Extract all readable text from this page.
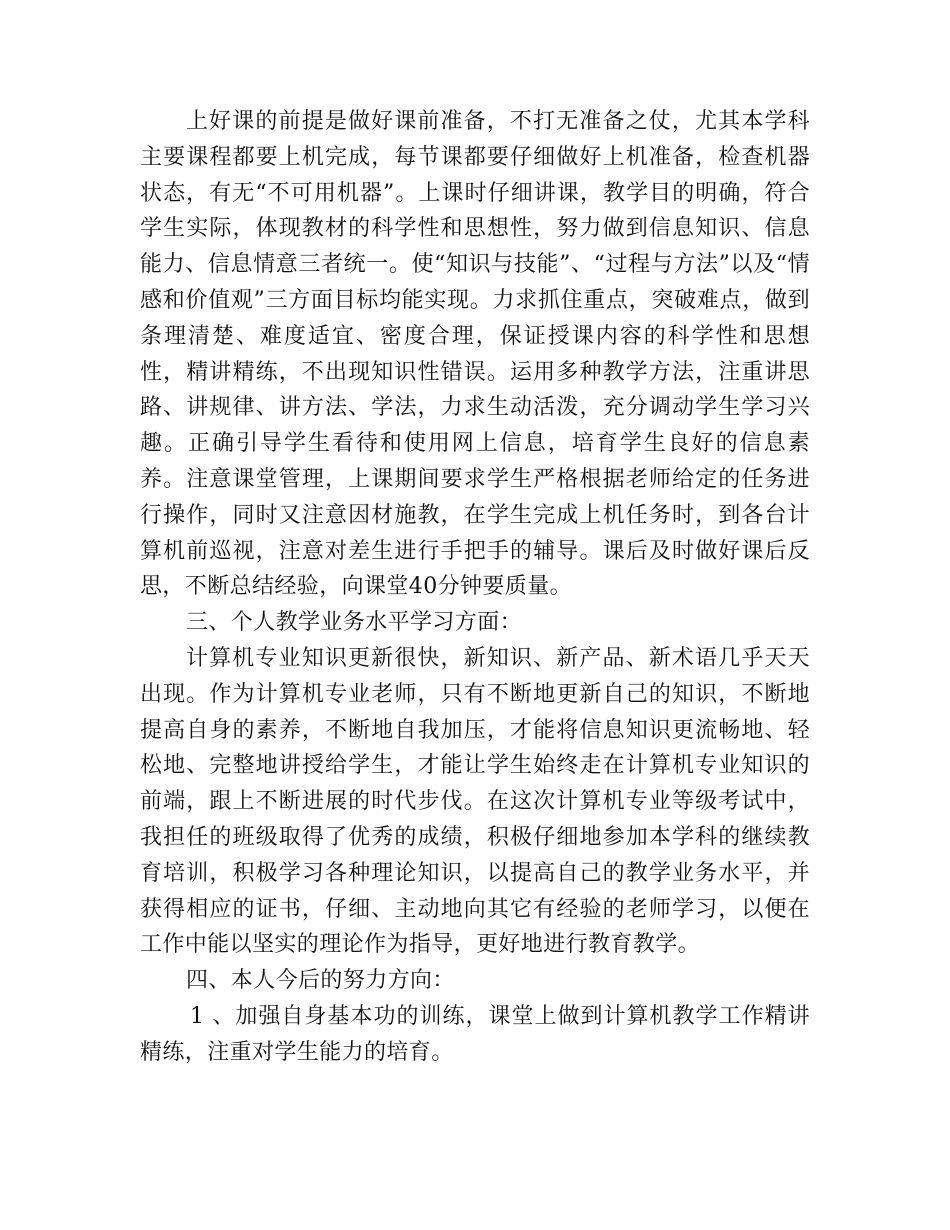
上好课的前提是做好课前准备，不打无准备之仗，尤其本学科主要课程都要上机完成，每节课都要仔细做好上机准备，检查机器状态，有无“不可用机器”。上课时仔细讲课，教学目的明确，符合学生实际，体现教材的科学性和思想性，努力做到信息知识、信息能力、信息情意三者统一。使“知识与技能”、“过程与方法”以及“情感和价值观”三方面目标均能实现。力求抓住重点，突破难点，做到条理清楚、难度适宜、密度合理，保证授课内容的科学性和思想性，精讲精练，不出现知识性错误。运用多种教学方法，注重讲思路、讲规律、讲方法、学法，力求生动活泼，充分调动学生学习兴趣。正确引导学生看待和使用网上信息，培育学生良好的信息素养。注意课堂管理，上课期间要求学生严格根据老师给定的任务进行操作，同时又注意因材施教，在学生完成上机任务时，到各台计算机前巡视，注意对差生进行手把手的辅导。课后及时做好课后反思，不断总结经验，向课堂40分钟要质量。

三、个人教学业务水平学习方面：

计算机专业知识更新很快，新知识、新产品、新术语几乎天天出现。作为计算机专业老师，只有不断地更新自己的知识，不断地提高自身的素养，不断地自我加压，才能将信息知识更流畅地、轻松地、完整地讲授给学生，才能让学生始终走在计算机专业知识的前端，跟上不断进展的时代步伐。在这次计算机专业等级考试中，我担任的班级取得了优秀的成绩，积极仔细地参加本学科的继续教育培训，积极学习各种理论知识，以提高自己的教学业务水平，并获得相应的证书，仔细、主动地向其它有经验的老师学习，以便在工作中能以坚实的理论作为指导，更好地进行教育教学。

四、本人今后的努力方向：

1 、加强自身基本功的训练，课堂上做到计算机教学工作精讲精练，注重对学生能力的培育。
